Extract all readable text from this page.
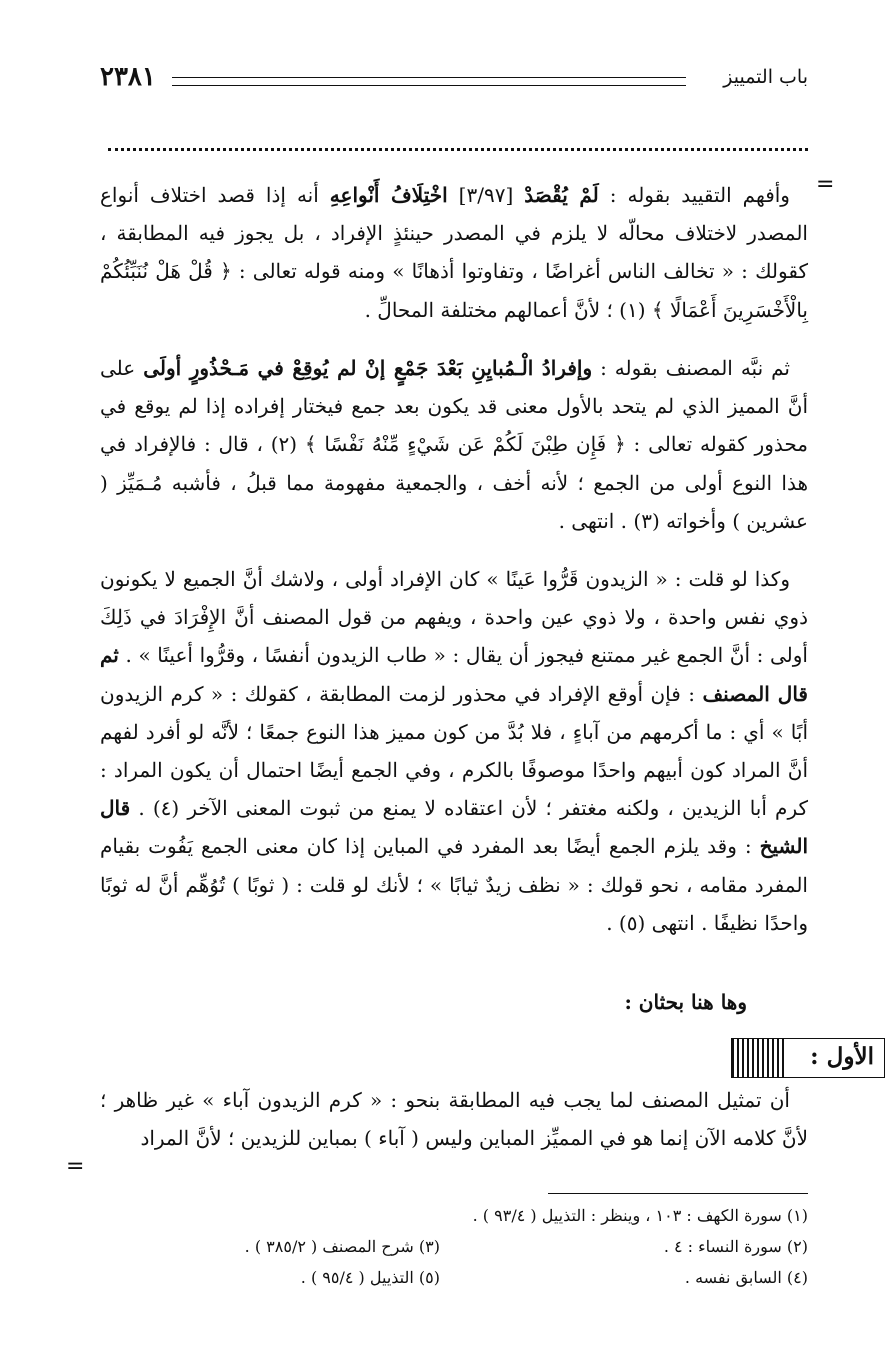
باب التمييز
٢٣٨١
=

وأفهم التقييد بقوله : لَمْ يُقْصَدْ [٣/٩٧] اخْتِلَافُ أَنْواعِهِ أنه إذا قصد اختلاف أنواع المصدر لاختلاف محالّه لا يلزم في المصدر حينئذٍ الإفراد ، بل يجوز فيه المطابقة ، كقولك : « تخالف الناس أغراضًا ، وتفاوتوا أذهانًا » ومنه قوله تعالى : ﴿ قُلْ هَلْ نُنَبِّئُكُمْ بِالْأَخْسَرِينَ أَعْمَالًا ﴾ (١) ؛ لأنَّ أعمالهم مختلفة المحالِّ .

ثم نبَّه المصنف بقوله : وإفرادُ الْـمُبايِنِ بَعْدَ جَمْعٍ إنْ لم يُوقِعْ في مَـحْذُورٍ أولَى على أنَّ المميز الذي لم يتحد بالأول معنى قد يكون بعد جمع فيختار إفراده إذا لم يوقع في محذور كقوله تعالى : ﴿ فَإِن طِبْنَ لَكُمْ عَن شَيْءٍ مِّنْهُ نَفْسًا ﴾ (٢) ، قال : فالإفراد في هذا النوع أولى من الجمع ؛ لأنه أخف ، والجمعية مفهومة مما قبلُ ، فأشبه مُـمَيِّز ( عشرين ) وأخواته (٣) . انتهى .

وكذا لو قلت : « الزيدون قَرُّوا عَينًا » كان الإفراد أولى ، ولاشك أنَّ الجميع لا يكونون ذوي نفس واحدة ، ولا ذوي عين واحدة ، ويفهم من قول المصنف أنَّ الإِفْرَادَ في ذَلِكَ أولى : أنَّ الجمع غير ممتنع فيجوز أن يقال : « طاب الزيدون أنفسًا ، وقرُّوا أعينًا » . ثم قال المصنف : فإن أوقع الإفراد في محذور لزمت المطابقة ، كقولك : « كرم الزيدون أبًا » أي : ما أكرمهم من آباءٍ ، فلا بُدَّ من كون مميز هذا النوع جمعًا ؛ لأنَّه لو أفرد لفهم أنَّ المراد كون أبيهم واحدًا موصوفًا بالكرم ، وفي الجمع أيضًا احتمال أن يكون المراد : كرم أبا الزيدين ، ولكنه مغتفر ؛ لأن اعتقاده لا يمنع من ثبوت المعنى الآخر (٤) . قال الشيخ : وقد يلزم الجمع أيضًا بعد المفرد في المباين إذا كان معنى الجمع يَفُوت بقيام المفرد مقامه ، نحو قولك : « نظف زيدٌ ثيابًا » ؛ لأنك لو قلت : ( ثوبًا ) تُوُهِّم أنَّ له ثوبًا واحدًا نظيفًا . انتهى (٥) .

وها هنا بحثان :
الأول :

أن تمثيل المصنف لما يجب فيه المطابقة بنحو : « كرم الزيدون آباء » غير ظاهر ؛ لأنَّ كلامه الآن إنما هو في المميِّز المباين وليس ( آباء ) بمباين للزيدين ؛ لأنَّ المراد

=
(١) سورة الكهف : ١٠٣ ، وينظر : التذييل ( ٩٣/٤ ) .
(٢) سورة النساء : ٤ .
(٣) شرح المصنف ( ٣٨٥/٢ ) .
(٤) السابق نفسه .
(٥) التذييل ( ٩٥/٤ ) .
